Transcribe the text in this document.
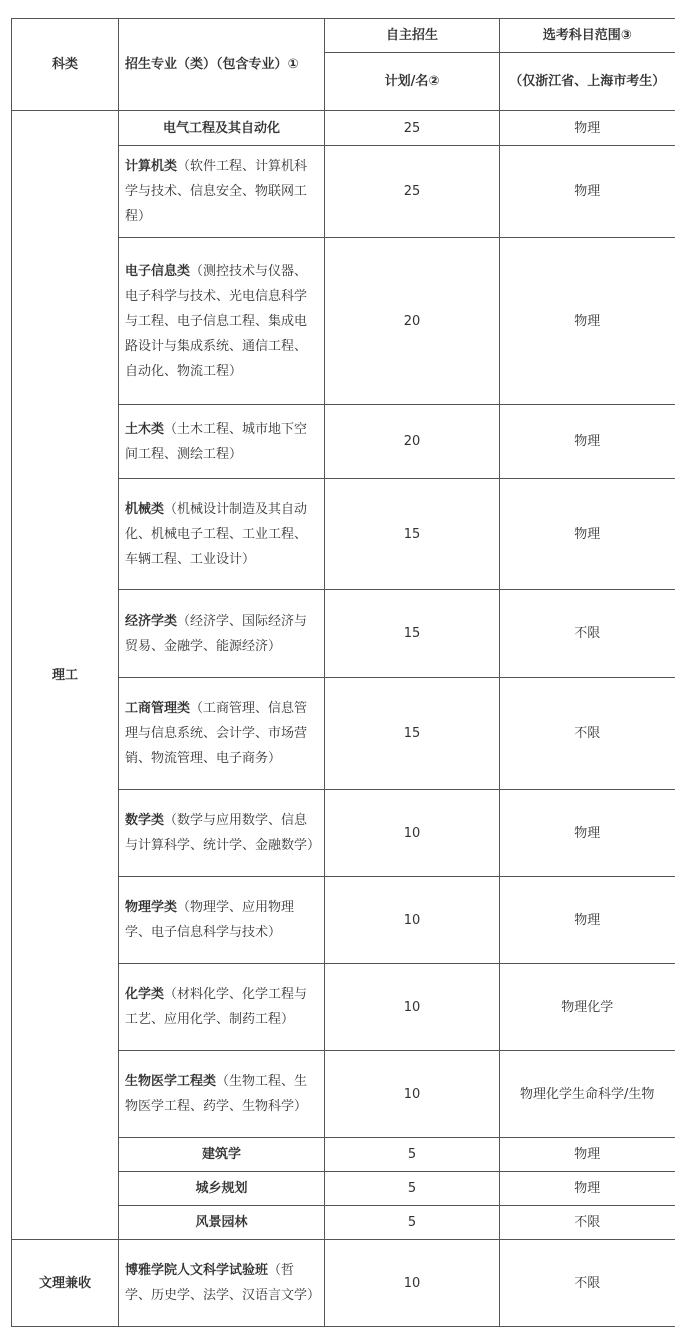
科类	招生专业（类）（包含专业）①	自主招生	选考科目范围③
		计划/名②	（仅浙江省、上海市考生）
理工	电气工程及其自动化	25	物理
	计算机类（软件工程、计算机科学与技术、信息安全、物联网工程）	25	物理
	电子信息类（测控技术与仪器、电子科学与技术、光电信息科学与工程、电子信息工程、集成电路设计与集成系统、通信工程、自动化、物流工程）	20	物理
	土木类（土木工程、城市地下空间工程、测绘工程）	20	物理
	机械类（机械设计制造及其自动化、机械电子工程、工业工程、车辆工程、工业设计）	15	物理
	经济学类（经济学、国际经济与贸易、金融学、能源经济）	15	不限
	工商管理类（工商管理、信息管理与信息系统、会计学、市场营销、物流管理、电子商务）	15	不限
	数学类（数学与应用数学、信息与计算科学、统计学、金融数学）	10	物理
	物理学类（物理学、应用物理学、电子信息科学与技术）	10	物理
	化学类（材料化学、化学工程与工艺、应用化学、制药工程）	10	物理化学
	生物医学工程类（生物工程、生物医学工程、药学、生物科学）	10	物理化学生命科学/生物
	建筑学	5	物理
	城乡规划	5	物理
	风景园林	5	不限
文理兼收	博雅学院人文科学试验班（哲学、历史学、法学、汉语言文学）	10	不限
